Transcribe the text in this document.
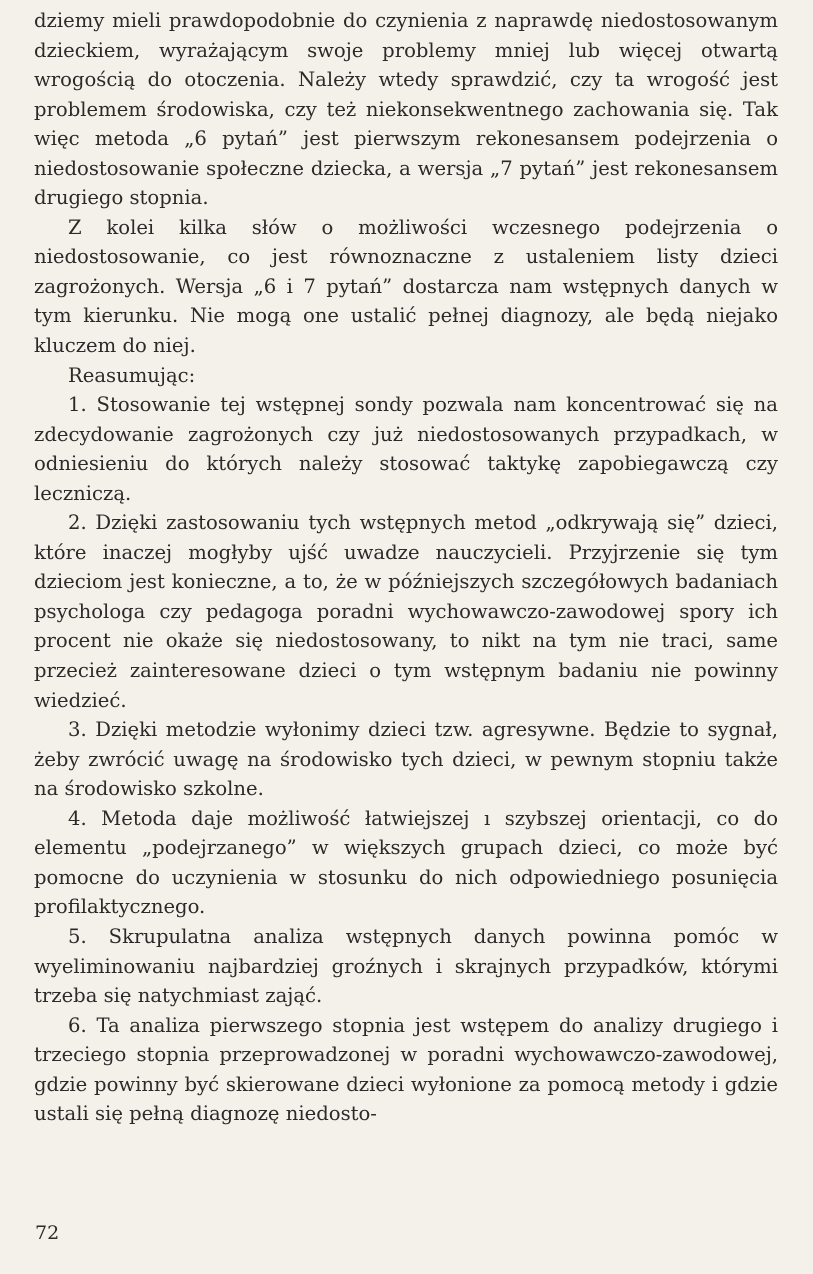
dziemy mieli prawdopodobnie do czynienia z naprawdę niedostosowanym dzieckiem, wyrażającym swoje problemy mniej lub więcej otwartą wrogością do otoczenia. Należy wtedy sprawdzić, czy ta wrogość jest problemem środowiska, czy też niekonsekwentnego zachowania się. Tak więc metoda „6 pytań” jest pierwszym rekonesansem podejrzenia o niedostosowanie społeczne dziecka, a wersja „7 pytań” jest rekonesansem drugiego stopnia.

Z kolei kilka słów o możliwości wczesnego podejrzenia o niedostosowanie, co jest równoznaczne z ustaleniem listy dzieci zagrożonych. Wersja „6 i 7 pytań” dostarcza nam wstępnych danych w tym kierunku. Nie mogą one ustalić pełnej diagnozy, ale będą niejako kluczem do niej.

Reasumując:

1. Stosowanie tej wstępnej sondy pozwala nam koncentrować się na zdecydowanie zagrożonych czy już niedostosowanych przypadkach, w odniesieniu do których należy stosować taktykę zapobiegawczą czy leczniczą.

2. Dzięki zastosowaniu tych wstępnych metod „odkrywają się” dzieci, które inaczej mogłyby ujść uwadze nauczycieli. Przyjrzenie się tym dzieciom jest konieczne, a to, że w późniejszych szczegółowych badaniach psychologa czy pedagoga poradni wychowawczo-zawodowej spory ich procent nie okaże się niedostosowany, to nikt na tym nie traci, same przecież zainteresowane dzieci o tym wstępnym badaniu nie powinny wiedzieć.

3. Dzięki metodzie wyłonimy dzieci tzw. agresywne. Będzie to sygnał, żeby zwrócić uwagę na środowisko tych dzieci, w pewnym stopniu także na środowisko szkolne.

4. Metoda daje możliwość łatwiejszej ı szybszej orientacji, co do elementu „podejrzanego” w większych grupach dzieci, co może być pomocne do uczynienia w stosunku do nich odpowiedniego posunięcia profilaktycznego.

5. Skrupulatna analiza wstępnych danych powinna pomóc w wyeliminowaniu najbardziej groźnych i skrajnych przypadków, którymi trzeba się natychmiast zająć.

6. Ta analiza pierwszego stopnia jest wstępem do analizy drugiego i trzeciego stopnia przeprowadzonej w poradni wychowawczo-zawodowej, gdzie powinny być skierowane dzieci wyłonione za pomocą metody i gdzie ustali się pełną diagnozę niedosto-

72
